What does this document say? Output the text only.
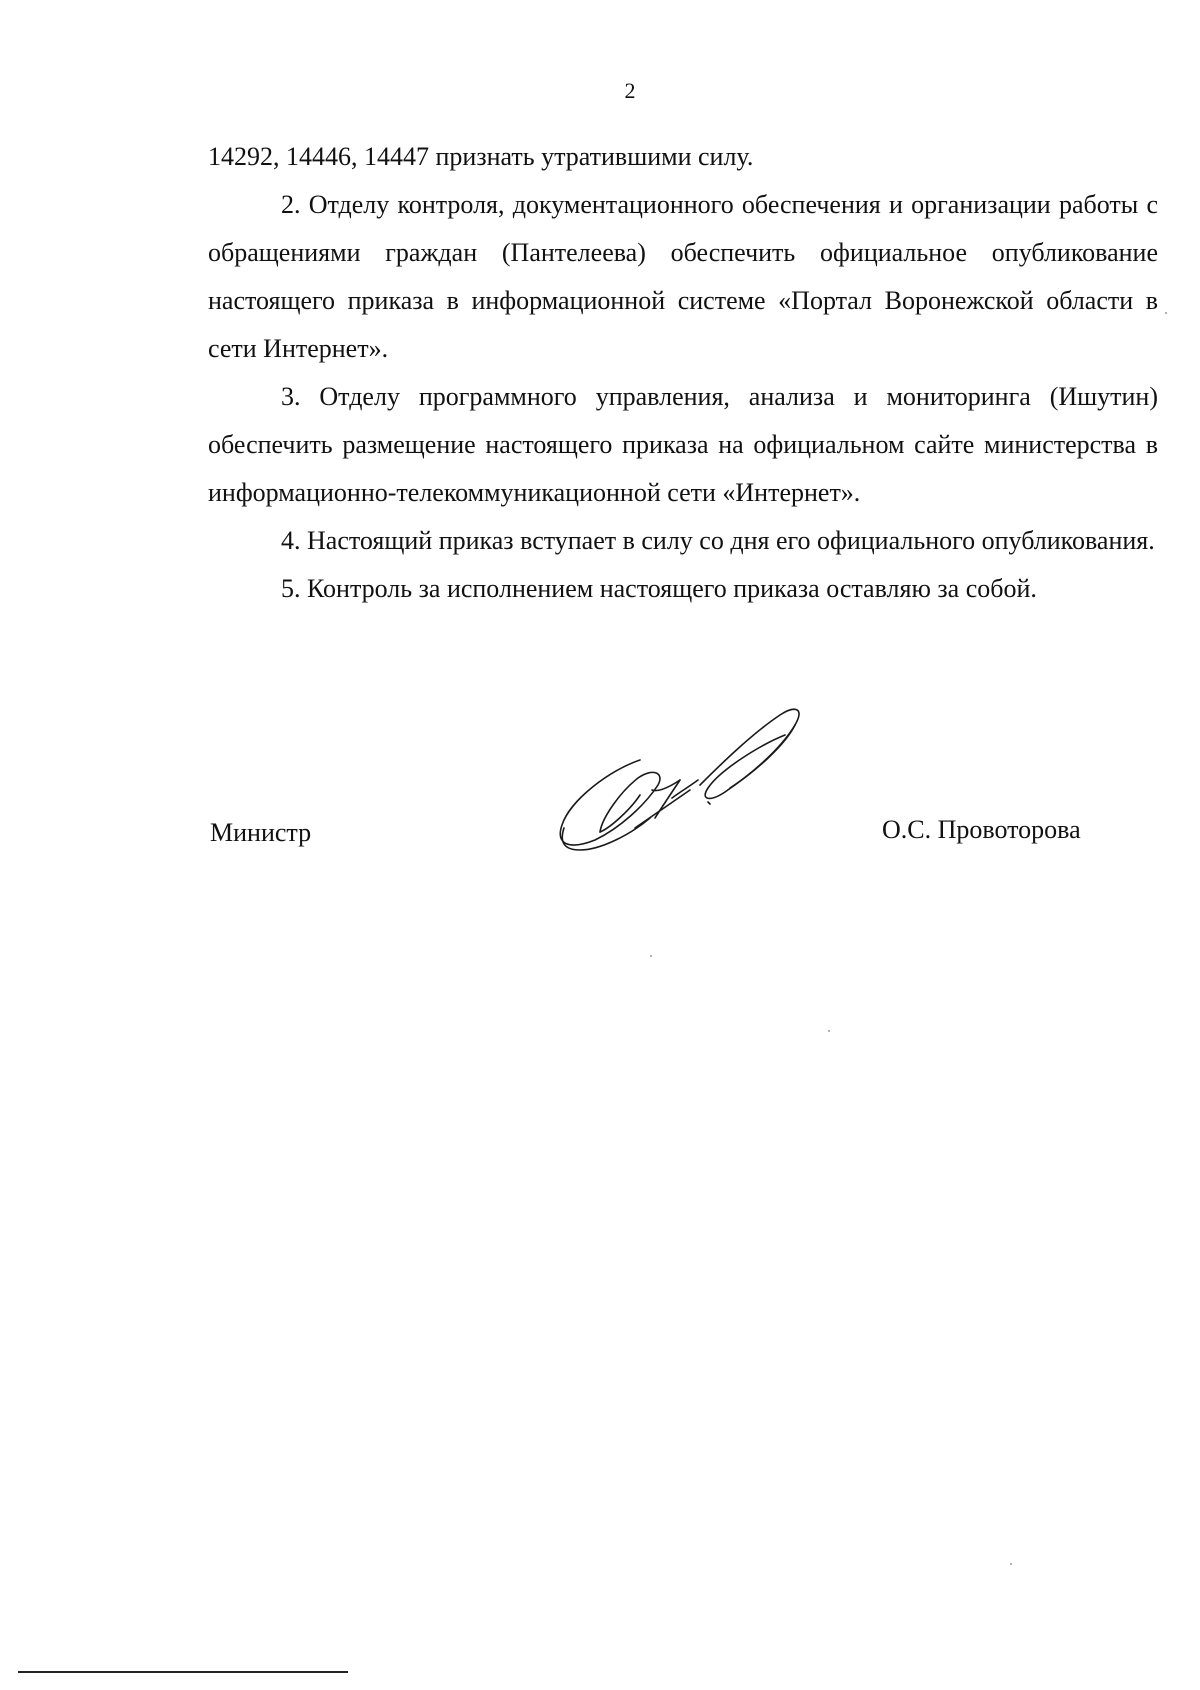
2

14292, 14446, 14447 признать утратившими силу.

2. Отделу контроля, документационного обеспечения и организации работы с обращениями граждан (Пантелеева) обеспечить официальное опубликование настоящего приказа в информационной системе «Портал Воронежской области в сети Интернет».

3. Отделу программного управления, анализа и мониторинга (Ишутин) обеспечить размещение настоящего приказа на официальном сайте министерства в информационно-телекоммуникационной сети «Интернет».

4. Настоящий приказ вступает в силу со дня его официального опубликования.

5. Контроль за исполнением настоящего приказа оставляю за собой.

Министр	О.С. Провоторова
